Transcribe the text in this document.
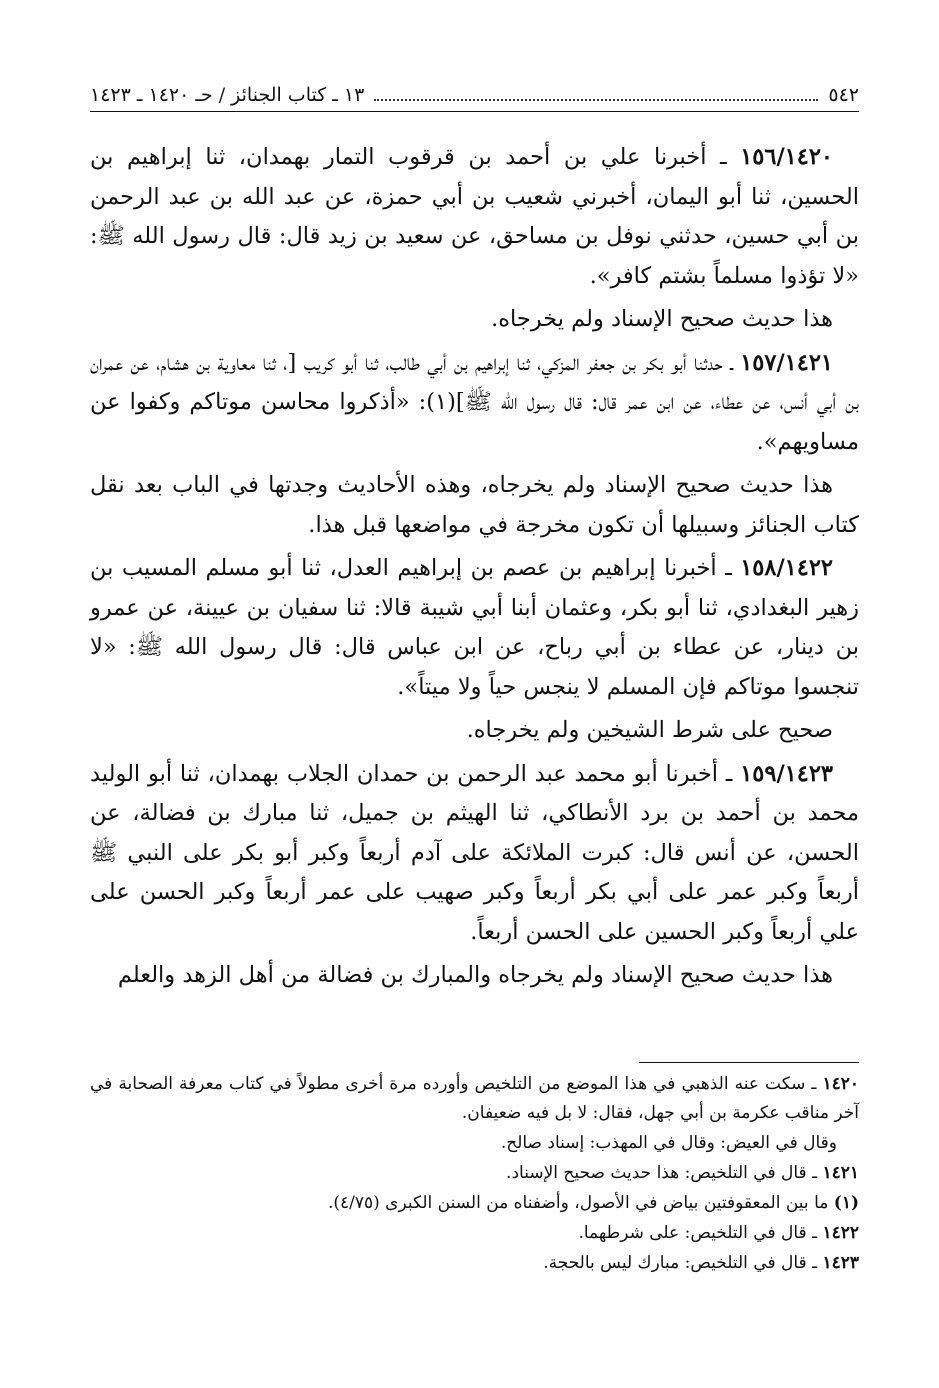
٥٤٢
١٣ ـ كتاب الجنائز / حـ ١٤٢٠ ـ ١٤٢٣

١٥٦/١٤٢٠ ـ أخبرنا علي بن أحمد بن قرقوب التمار بهمدان، ثنا إبراهيم بن الحسين، ثنا أبو اليمان، أخبرني شعيب بن أبي حمزة، عن عبد الله بن عبد الرحمن بن أبي حسين، حدثني نوفل بن مساحق، عن سعيد بن زيد قال: قال رسول الله ﷺ: «لا تؤذوا مسلماً بشتم كافر».

هذا حديث صحيح الإسناد ولم يخرجاه.

١٥٧/١٤٢١ ـ حدثنا أبو بكر بن جعفر المزكي، ثنا إبراهيم بن أبي طالب، ثنا أبو كريب [، ثنا معاوية بن هشام، عن عمران بن أبي أنس، عن عطاء، عن ابن عمر قال: قال رسول الله ﷺ](١): «أذكروا محاسن موتاكم وكفوا عن مساويهم».

هذا حديث صحيح الإسناد ولم يخرجاه، وهذه الأحاديث وجدتها في الباب بعد نقل كتاب الجنائز وسبيلها أن تكون مخرجة في مواضعها قبل هذا.

١٥٨/١٤٢٢ ـ أخبرنا إبراهيم بن عصم بن إبراهيم العدل، ثنا أبو مسلم المسيب بن زهير البغدادي، ثنا أبو بكر، وعثمان أبنا أبي شيبة قالا: ثنا سفيان بن عيينة، عن عمرو بن دينار، عن عطاء بن أبي رباح، عن ابن عباس قال: قال رسول الله ﷺ: «لا تنجسوا موتاكم فإن المسلم لا ينجس حياً ولا ميتاً».

صحيح على شرط الشيخين ولم يخرجاه.

١٥٩/١٤٢٣ ـ أخبرنا أبو محمد عبد الرحمن بن حمدان الجلاب بهمدان، ثنا أبو الوليد محمد بن أحمد بن برد الأنطاكي، ثنا الهيثم بن جميل، ثنا مبارك بن فضالة، عن الحسن، عن أنس قال: كبرت الملائكة على آدم أربعاً وكبر أبو بكر على النبي ﷺ أربعاً وكبر عمر على أبي بكر أربعاً وكبر صهيب على عمر أربعاً وكبر الحسن على علي أربعاً وكبر الحسين على الحسن أربعاً.

هذا حديث صحيح الإسناد ولم يخرجاه والمبارك بن فضالة من أهل الزهد والعلم

١٤٢٠ ـ سكت عنه الذهبي في هذا الموضع من التلخيص وأورده مرة أخرى مطولاً في كتاب معرفة الصحابة في آخر مناقب عكرمة بن أبي جهل، فقال: لا بل فيه ضعيفان.

وقال في العيض: وقال في المهذب: إسناد صالح.

١٤٢١ ـ قال في التلخيص: هذا حديث صحيح الإسناد.

(١) ما بين المعقوفتين بياض في الأصول، وأضفناه من السنن الكبرى (٤/٧٥).

١٤٢٢ ـ قال في التلخيص: على شرطهما.

١٤٢٣ ـ قال في التلخيص: مبارك ليس بالحجة.
